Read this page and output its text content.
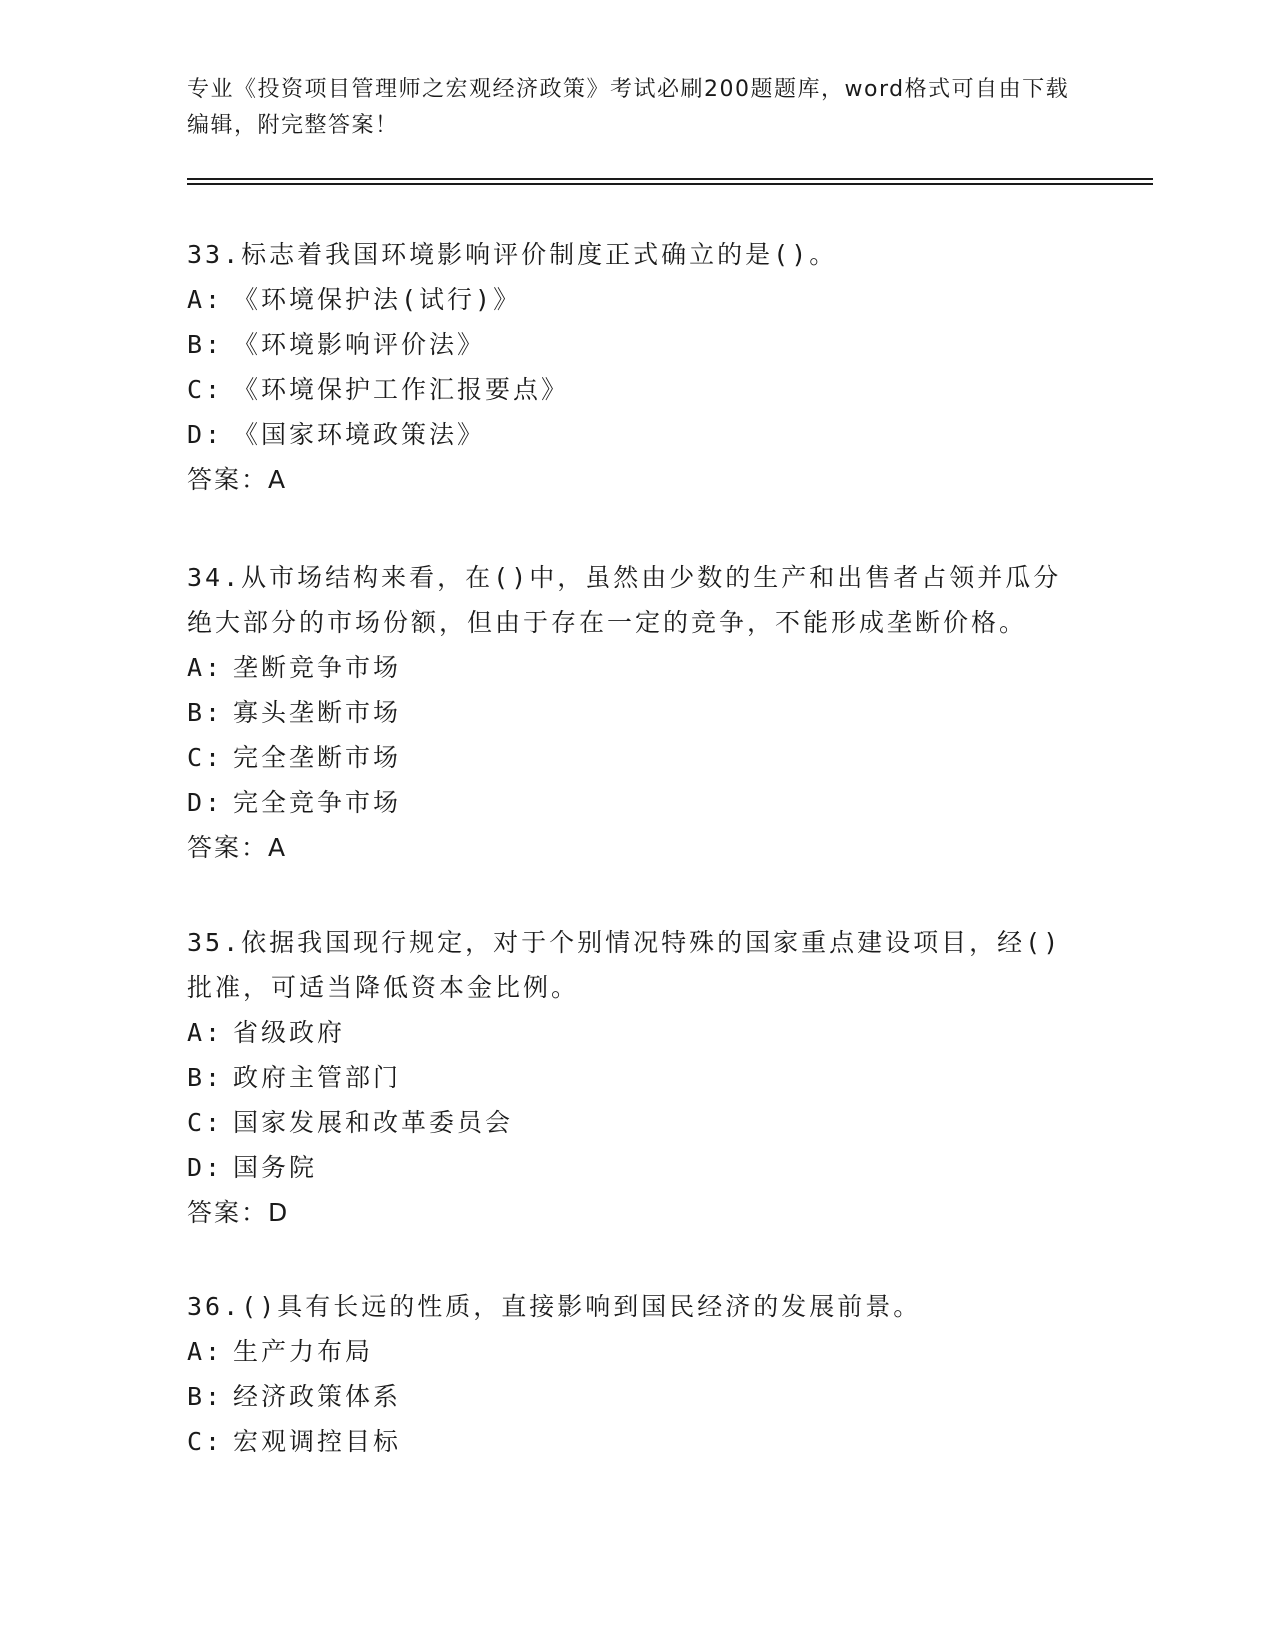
专业《投资项目管理师之宏观经济政策》考试必刷200题题库，word格式可自由下载编辑，附完整答案！

33.标志着我国环境影响评价制度正式确立的是()。

A: 《环境保护法(试行)》

B: 《环境影响评价法》

C: 《环境保护工作汇报要点》

D: 《国家环境政策法》

答案：A

34.从市场结构来看，在()中，虽然由少数的生产和出售者占领并瓜分绝大部分的市场份额，但由于存在一定的竞争，不能形成垄断价格。

A: 垄断竞争市场

B: 寡头垄断市场

C: 完全垄断市场

D: 完全竞争市场

答案：A

35.依据我国现行规定，对于个别情况特殊的国家重点建设项目，经()批准，可适当降低资本金比例。

A: 省级政府

B: 政府主管部门

C: 国家发展和改革委员会

D: 国务院

答案：D

36.()具有长远的性质，直接影响到国民经济的发展前景。

A: 生产力布局

B: 经济政策体系

C: 宏观调控目标
